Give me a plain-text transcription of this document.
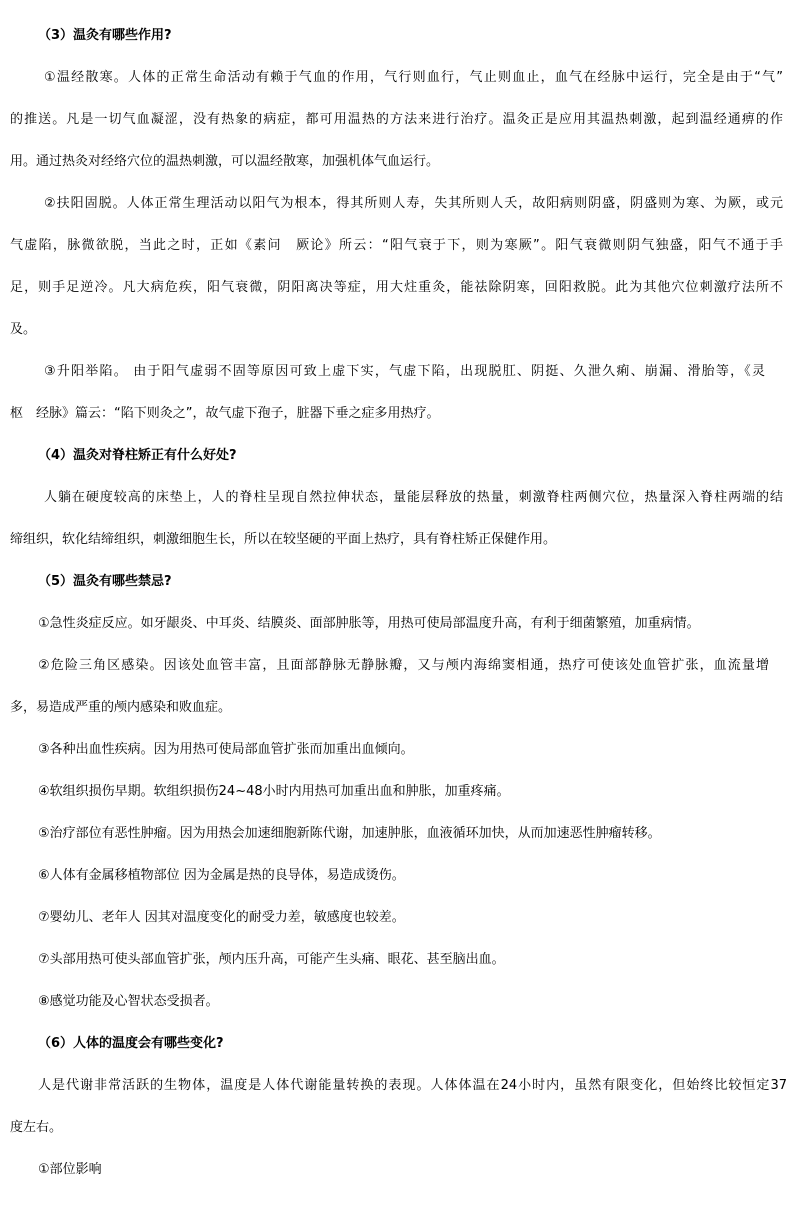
（3）温灸有哪些作用?
①温经散寒。人体的正常生命活动有赖于气血的作用，气行则血行，气止则血止，血气在经脉中运行，完全是由于“气”
的推送。凡是一切气血凝涩，没有热象的病症，都可用温热的方法来进行治疗。温灸正是应用其温热刺激，起到温经通痹的作
用。通过热灸对经络穴位的温热刺激，可以温经散寒，加强机体气血运行。
②扶阳固脱。人体正常生理活动以阳气为根本，得其所则人寿，失其所则人夭，故阳病则阴盛，阴盛则为寒、为厥，或元
气虚陷，脉微欲脱，当此之时，正如《素问　厥论》所云：“阳气衰于下，则为寒厥”。阳气衰微则阴气独盛，阳气不通于手
足，则手足逆冷。凡大病危疾，阳气衰微，阴阳离决等症，用大炷重灸，能祛除阴寒，回阳救脱。此为其他穴位刺激疗法所不
及。
③升阳举陷。 由于阳气虚弱不固等原因可致上虚下实，气虚下陷，出现脱肛、阴挺、久泄久痢、崩漏、滑胎等，《灵
枢　经脉》篇云：“陷下则灸之”，故气虚下孢子，脏器下垂之症多用热疗。
（4）温灸对脊柱矫正有什么好处?
人躺在硬度较高的床垫上，人的脊柱呈现自然拉伸状态，量能层释放的热量，刺激脊柱两侧穴位，热量深入脊柱两端的结
缔组织，软化结缔组织，刺激细胞生长，所以在较坚硬的平面上热疗，具有脊柱矫正保健作用。
（5）温灸有哪些禁忌?
①急性炎症反应。如牙龈炎、中耳炎、结膜炎、面部肿胀等，用热可使局部温度升高，有利于细菌繁殖，加重病情。
②危险三角区感染。因该处血管丰富，且面部静脉无静脉瓣，又与颅内海绵窦相通，热疗可使该处血管扩张，血流量增
多，易造成严重的颅内感染和败血症。
③各种出血性疾病。因为用热可使局部血管扩张而加重出血倾向。
④软组织损伤早期。软组织损伤24~48小时内用热可加重出血和肿胀，加重疼痛。
⑤治疗部位有恶性肿瘤。因为用热会加速细胞新陈代谢，加速肿胀，血液循环加快，从而加速恶性肿瘤转移。
⑥人体有金属移植物部位 因为金属是热的良导体，易造成烫伤。
⑦婴幼儿、老年人 因其对温度变化的耐受力差，敏感度也较差。
⑦头部用热可使头部血管扩张，颅内压升高，可能产生头痛、眼花、甚至脑出血。
⑧感觉功能及心智状态受损者。
（6）人体的温度会有哪些变化?
人是代谢非常活跃的生物体，温度是人体代谢能量转换的表现。人体体温在24小时内，虽然有限变化，但始终比较恒定37
度左右。
①部位影响
